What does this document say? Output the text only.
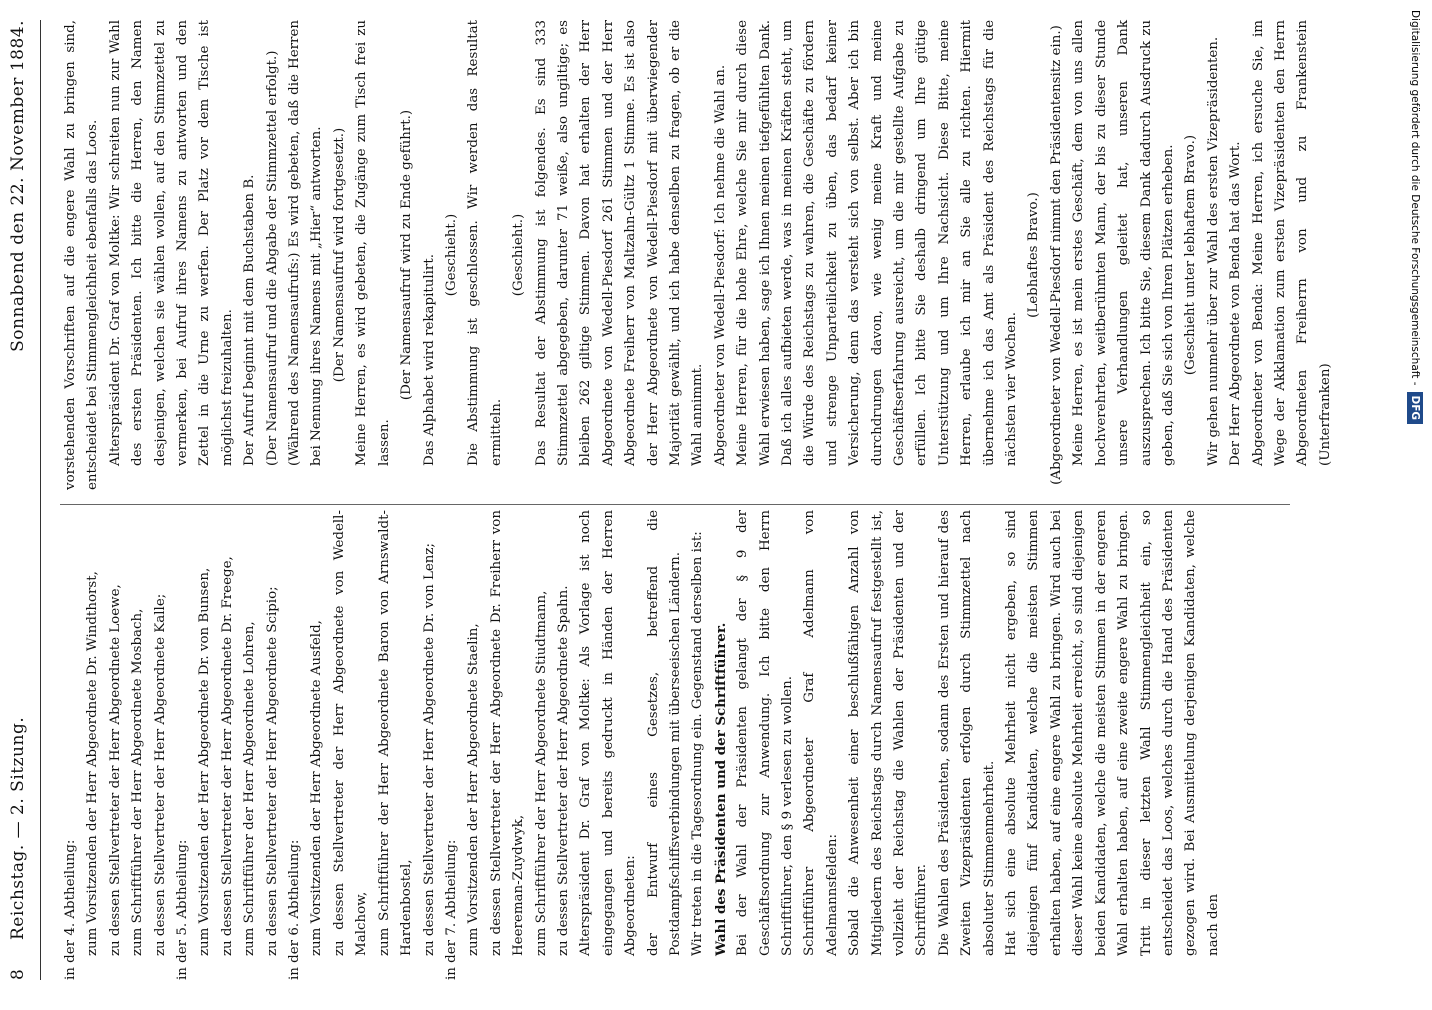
8
Reichstag. — 2. Sitzung.
Sonnabend den 22. November 1884.

in der 4. Abtheilung: zum Vorsitzenden der Herr Abgeordnete Dr. Windthorst, zu dessen Stellvertreter der Herr Abgeordnete Loewe, zum Schriftführer der Herr Abgeordnete Mosbach, zu dessen Stellvertreter der Herr Abgeordnete Kalle; in der 5. Abtheilung: zum Vorsitzenden der Herr Abgeordnete Dr. von Bunsen, zu dessen Stellvertreter der Herr Abgeordnete Dr. Freege, zum Schriftführer der Herr Abgeordnete Lohren, zu dessen Stellvertreter der Herr Abgeordnete Scipio; in der 6. Abtheilung: zum Vorsitzenden der Herr Abgeordnete Ausfeld, zu dessen Stellvertreter der Herr Abgeordnete von Wedell-Malchow, zum Schriftführer der Herr Abgeordnete Baron von Arnswaldt-Hardenbostel, zu dessen Stellvertreter der Herr Abgeordnete Dr. von Lenz; in der 7. Abtheilung: zum Vorsitzenden der Herr Abgeordnete Staelin, zu dessen Stellvertreter der Herr Abgeordnete Dr. Freiherr von Heereman-Zuydwyk, zum Schriftführer der Herr Abgeordnete Stiudtmann, zu dessen Stellvertreter der Herr Abgeordnete Spahn. Alterspräsident Dr. Graf von Moltke: Als Vorlage ist noch eingegangen und bereits gedruckt in Händen der Herren Abgeordneten: der Entwurf eines Gesetzes, betreffend die Postdampfschiffsverbindungen mit überseeischen Ländern. Wir treten in die Tagesordnung ein. Gegenstand derselben ist: Wahl des Präsidenten und der Schriftführer. Bei der Wahl der Präsidenten gelangt der § 9 der Geschäftsordnung zur Anwendung. Ich bitte den Herrn Schriftführer, den § 9 verlesen zu wollen. Schriftführer Abgeordneter Graf Adelmann von Adelmannsfelden: Sobald die Anwesenheit einer beschlußfähigen Anzahl von Mitgliedern des Reichstags durch Namensaufruf festgestellt ist, vollzieht der Reichstag die Wahlen der Präsidenten und der Schriftführer. Die Wahlen des Präsidenten, sodann des Ersten und hierauf des Zweiten Vizepräsidenten erfolgen durch Stimmzettel nach absoluter Stimmenmehrheit. Hat sich eine absolute Mehrheit nicht ergeben, so sind diejenigen fünf Kandidaten, welche die meisten Stimmen erhalten haben, auf eine engere Wahl zu bringen. Wird auch bei dieser Wahl keine absolute Mehrheit erreicht, so sind diejenigen beiden Kandidaten, welche die meisten Stimmen in der engeren Wahl erhalten haben, auf eine zweite engere Wahl zu bringen. Tritt in dieser letzten Wahl Stimmengleichheit ein, so entscheidet das Loos, welches durch die Hand des Präsidenten gezogen wird. Bei Ausmittelung derjenigen Kandidaten, welche nach den

vorstehenden Vorschriften auf die engere Wahl zu bringen sind, entscheidet bei Stimmengleichheit ebenfalls das Loos. Alterspräsident Dr. Graf von Moltke: Wir schreiten nun zur Wahl des ersten Präsidenten. Ich bitte die Herren, den Namen desjenigen, welchen sie wählen wollen, auf den Stimmzettel zu vermerken, bei Aufruf ihres Namens zu antworten und den Zettel in die Urne zu werfen. Der Platz vor dem Tische ist möglichst freizuhalten. Der Aufruf beginnt mit dem Buchstaben B. (Der Namensaufruf und die Abgabe der Stimmzettel erfolgt.) (Während des Namensaufrufs:) Es wird gebeten, daß die Herren bei Nennung ihres Namens mit „Hier“ antworten. (Der Namensaufruf wird fortgesetzt.) Meine Herren, es wird gebeten, die Zugänge zum Tisch frei zu lassen.

(Der Namensaufruf wird zu Ende geführt.) Das Alphabet wird rekapitulirt. (Geschieht.) Die Abstimmung ist geschlossen. Wir werden das Resultat ermitteln.

(Geschieht.) Das Resultat der Abstimmung ist folgendes. Es sind 333 Stimmzettel abgegeben, darunter 71 weiße, also ungiltige; es bleiben 262 giltige Stimmen. Davon hat erhalten der Herr Abgeordnete von Wedell-Piesdorf 261 Stimmen und der Herr Abgeordnete Freiherr von Maltzahn-Gültz 1 Stimme. Es ist also der Herr Abgeordnete von Wedell-Piesdorf mit überwiegender Majorität gewählt, und ich habe denselben zu fragen, ob er die Wahl annimmt. Abgeordneter von Wedell-Piesdorf: Ich nehme die Wahl an. Meine Herren, für die hohe Ehre, welche Sie mir durch diese Wahl erwiesen haben, sage ich Ihnen meinen tiefgefühlten Dank. Daß ich alles aufbieten werde, was in meinen Kräften steht, um die Würde des Reichstags zu wahren, die Geschäfte zu fördern und strenge Unparteilichkeit zu üben, das bedarf keiner Versicherung, denn das versteht sich von selbst. Aber ich bin durchdrungen davon, wie wenig meine Kraft und meine Geschäftserfahrung ausreicht, um die mir gestellte Aufgabe zu erfüllen. Ich bitte Sie deshalb dringend um Ihre gütige Unterstützung und um Ihre Nachsicht. Diese Bitte, meine Herren, erlaube ich mir an Sie alle zu richten. Hiermit übernehme ich das Amt als Präsident des Reichstags für die nächsten vier Wochen.

(Lebhaftes Bravo.) (Abgeordneter von Wedell-Piesdorf nimmt den Präsidentensitz ein.) Meine Herren, es ist mein erstes Geschäft, dem von uns allen hochverehrten, weitberühmten Mann, der bis zu dieser Stunde unsere Verhandlungen geleitet hat, unseren Dank auszusprechen. Ich bitte Sie, diesem Dank dadurch Ausdruck zu geben, daß Sie sich von Ihren Plätzen erheben. (Geschieht unter lebhaftem Bravo.) Wir gehen nunmehr über zur Wahl des ersten Vizepräsidenten. Der Herr Abgeordnete von Benda hat das Wort. Abgeordneter von Benda: Meine Herren, ich ersuche Sie, im Wege der Akklamation zum ersten Vizepräsidenten den Herrn Abgeordneten Freiherrn von und zu Frankenstein (Unterfranken)

Digitalisierung gefördert durch die Deutsche Forschungsgemeinschaft -DFG
